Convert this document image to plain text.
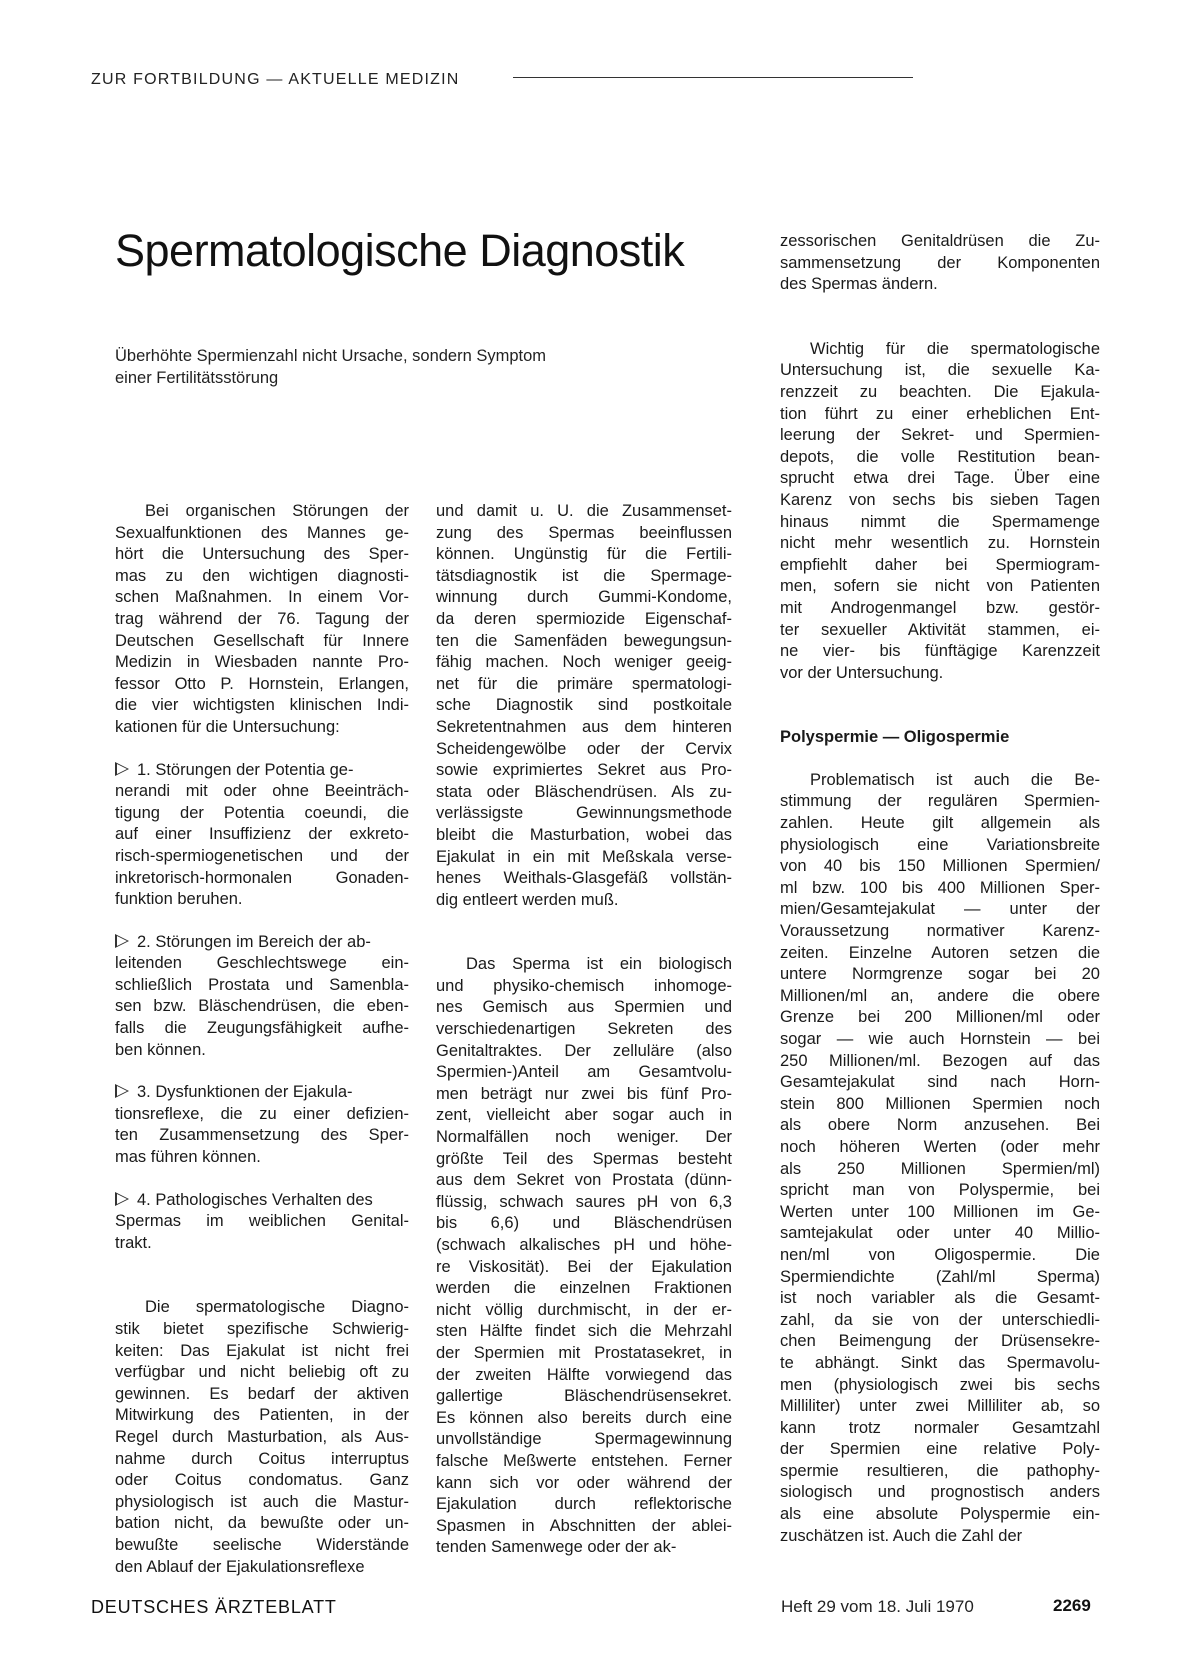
ZUR FORTBILDUNG — AKTUELLE MEDIZIN
Spermatologische Diagnostik
Überhöhte Spermienzahl nicht Ursache, sondern Symptom
einer Fertilitätsstörung
Bei organischen Störungen der
Sexualfunktionen des Mannes ge-
hört die Untersuchung des Sper-
mas zu den wichtigen diagnosti-
schen Maßnahmen. In einem Vor-
trag während der 76. Tagung der
Deutschen Gesellschaft für Innere
Medizin in Wiesbaden nannte Pro-
fessor Otto P. Hornstein, Erlangen,
die vier wichtigsten klinischen Indi-
kationen für die Untersuchung:
1. Störungen der Potentia ge-
nerandi mit oder ohne Beeinträch-
tigung der Potentia coeundi, die
auf einer Insuffizienz der exkreto-
risch-spermiogenetischen und der
inkretorisch-hormonalen Gonaden-
funktion beruhen.
2. Störungen im Bereich der ab-
leitenden Geschlechtswege ein-
schließlich Prostata und Samenbla-
sen bzw. Bläschendrüsen, die eben-
falls die Zeugungsfähigkeit aufhe-
ben können.
3. Dysfunktionen der Ejakula-
tionsreflexe, die zu einer defizien-
ten Zusammensetzung des Sper-
mas führen können.
4. Pathologisches Verhalten des
Spermas im weiblichen Genital-
trakt.
Die spermatologische Diagno-
stik bietet spezifische Schwierig-
keiten: Das Ejakulat ist nicht frei
verfügbar und nicht beliebig oft zu
gewinnen. Es bedarf der aktiven
Mitwirkung des Patienten, in der
Regel durch Masturbation, als Aus-
nahme durch Coitus interruptus
oder Coitus condomatus. Ganz
physiologisch ist auch die Mastur-
bation nicht, da bewußte oder un-
bewußte seelische Widerstände
den Ablauf der Ejakulationsreflexe
und damit u. U. die Zusammenset-
zung des Spermas beeinflussen
können. Ungünstig für die Fertili-
tätsdiagnostik ist die Spermage-
winnung durch Gummi-Kondome,
da deren spermiozide Eigenschaf-
ten die Samenfäden bewegungsun-
fähig machen. Noch weniger geeig-
net für die primäre spermatologi-
sche Diagnostik sind postkoitale
Sekretentnahmen aus dem hinteren
Scheidengewölbe oder der Cervix
sowie exprimiertes Sekret aus Pro-
stata oder Bläschendrüsen. Als zu-
verlässigste Gewinnungsmethode
bleibt die Masturbation, wobei das
Ejakulat in ein mit Meßskala verse-
henes Weithals-Glasgefäß vollstän-
dig entleert werden muß.
Das Sperma ist ein biologisch
und physiko-chemisch inhomoge-
nes Gemisch aus Spermien und
verschiedenartigen Sekreten des
Genitaltraktes. Der zelluläre (also
Spermien-)Anteil am Gesamtvolu-
men beträgt nur zwei bis fünf Pro-
zent, vielleicht aber sogar auch in
Normalfällen noch weniger. Der
größte Teil des Spermas besteht
aus dem Sekret von Prostata (dünn-
flüssig, schwach saures pH von 6,3
bis 6,6) und Bläschendrüsen
(schwach alkalisches pH und höhe-
re Viskosität). Bei der Ejakulation
werden die einzelnen Fraktionen
nicht völlig durchmischt, in der er-
sten Hälfte findet sich die Mehrzahl
der Spermien mit Prostatasekret, in
der zweiten Hälfte vorwiegend das
gallertige Bläschendrüsensekret.
Es können also bereits durch eine
unvollständige Spermagewinnung
falsche Meßwerte entstehen. Ferner
kann sich vor oder während der
Ejakulation durch reflektorische
Spasmen in Abschnitten der ablei-
tenden Samenwege oder der ak-
zessorischen Genitaldrüsen die Zu-
sammensetzung der Komponenten
des Spermas ändern.
Wichtig für die spermatologische
Untersuchung ist, die sexuelle Ka-
renzzeit zu beachten. Die Ejakula-
tion führt zu einer erheblichen Ent-
leerung der Sekret- und Spermien-
depots, die volle Restitution bean-
sprucht etwa drei Tage. Über eine
Karenz von sechs bis sieben Tagen
hinaus nimmt die Spermamenge
nicht mehr wesentlich zu. Hornstein
empfiehlt daher bei Spermiogram-
men, sofern sie nicht von Patienten
mit Androgenmangel bzw. gestör-
ter sexueller Aktivität stammen, ei-
ne vier- bis fünftägige Karenzzeit
vor der Untersuchung.
Polyspermie — Oligospermie
Problematisch ist auch die Be-
stimmung der regulären Spermien-
zahlen. Heute gilt allgemein als
physiologisch eine Variationsbreite
von 40 bis 150 Millionen Spermien/
ml bzw. 100 bis 400 Millionen Sper-
mien/Gesamtejakulat — unter der
Voraussetzung normativer Karenz-
zeiten. Einzelne Autoren setzen die
untere Normgrenze sogar bei 20
Millionen/ml an, andere die obere
Grenze bei 200 Millionen/ml oder
sogar — wie auch Hornstein — bei
250 Millionen/ml. Bezogen auf das
Gesamtejakulat sind nach Horn-
stein 800 Millionen Spermien noch
als obere Norm anzusehen. Bei
noch höheren Werten (oder mehr
als 250 Millionen Spermien/ml)
spricht man von Polyspermie, bei
Werten unter 100 Millionen im Ge-
samtejakulat oder unter 40 Millio-
nen/ml von Oligospermie. Die
Spermiendichte (Zahl/ml Sperma)
ist noch variabler als die Gesamt-
zahl, da sie von der unterschiedli-
chen Beimengung der Drüsensekre-
te abhängt. Sinkt das Spermavolu-
men (physiologisch zwei bis sechs
Milliliter) unter zwei Milliliter ab, so
kann trotz normaler Gesamtzahl
der Spermien eine relative Poly-
spermie resultieren, die pathophy-
siologisch und prognostisch anders
als eine absolute Polyspermie ein-
zuschätzen ist. Auch die Zahl der
DEUTSCHES ÄRZTEBLATT	Heft 29 vom 18. Juli 1970	2269
